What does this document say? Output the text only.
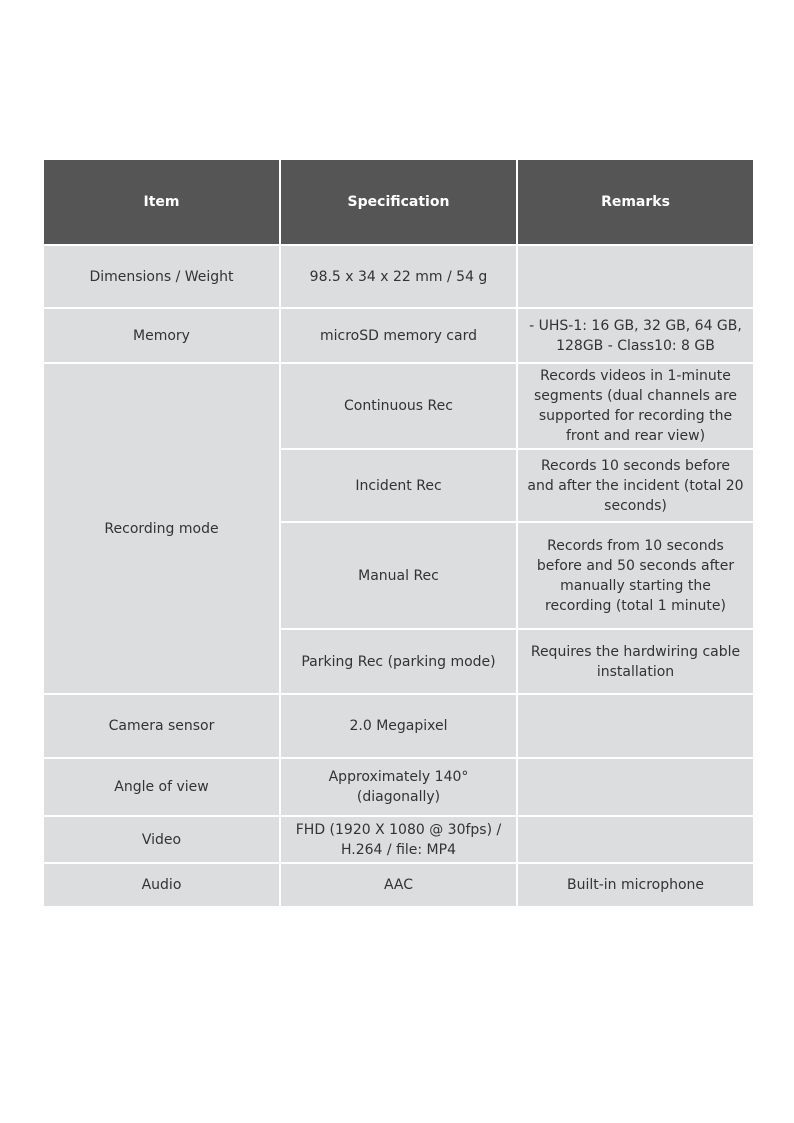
Item	Specification	Remarks
Dimensions / Weight	98.5 x 34 x 22 mm / 54 g	
Memory	microSD memory card	- UHS-1: 16 GB, 32 GB, 64 GB, 128GB - Class10: 8 GB
Recording mode	Continuous Rec	Records videos in 1-minute segments (dual channels are supported for recording the front and rear view)
	Incident Rec	Records 10 seconds before and after the incident (total 20 seconds)
	Manual Rec	Records from 10 seconds before and 50 seconds after manually starting the recording (total 1 minute)
	Parking Rec (parking mode)	Requires the hardwiring cable installation
Camera sensor	2.0 Megapixel	
Angle of view	Approximately 140° (diagonally)	
Video	FHD (1920 X 1080 @ 30fps) / H.264 / file: MP4	
Audio	AAC	Built-in microphone
